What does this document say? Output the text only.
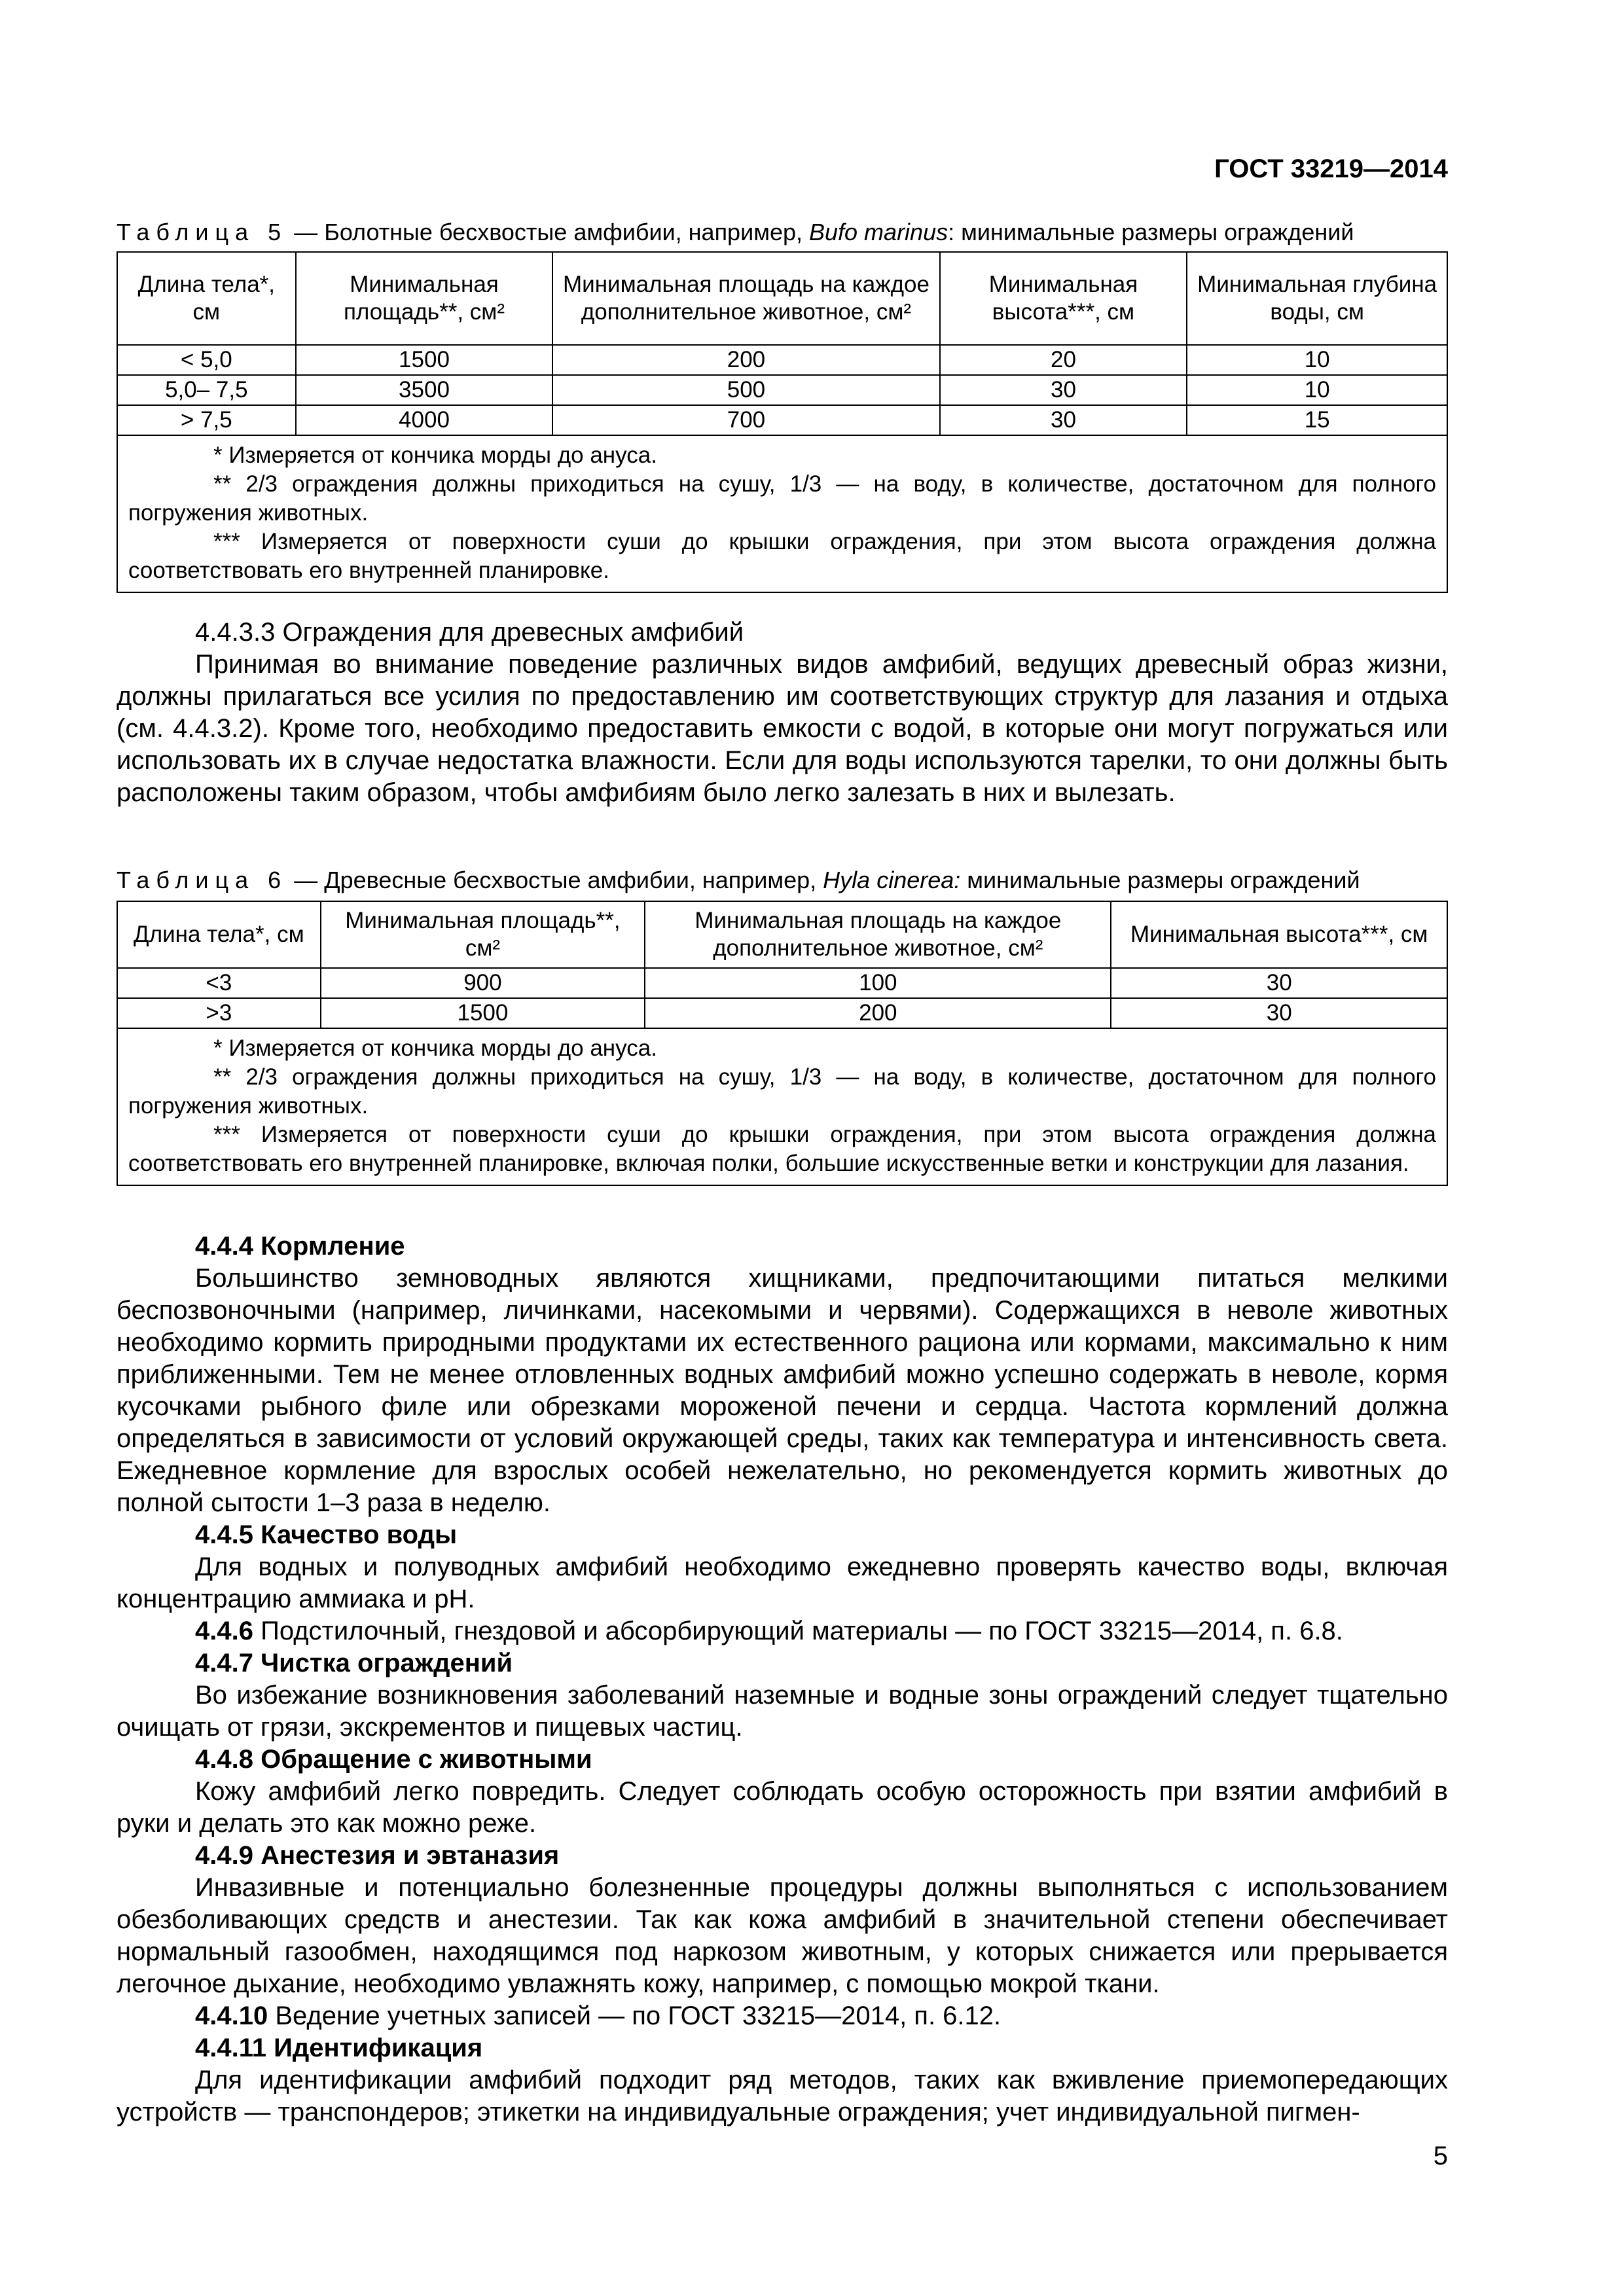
ГОСТ 33219—2014
Таблица 5 — Болотные бесхвостые амфибии, например, Bufo marinus: минимальные размеры ограждений
Длина тела*, см	Минимальная площадь**, см²	Минимальная площадь на каждое дополнительное животное, см²	Минимальная высота***, см	Минимальная глубина воды, см
< 5,0	1500	200	20	10
5,0– 7,5	3500	500	30	10
> 7,5	4000	700	30	15

* Измеряется от кончика морды до ануса.
** 2/3 ограждения должны приходиться на сушу, 1/3 — на воду, в количестве, достаточном для полного погружения животных.
*** Измеряется от поверхности суши до крышки ограждения, при этом высота ограждения должна соответствовать его внутренней планировке.				

4.4.3.3 Ограждения для древесных амфибий

Принимая во внимание поведение различных видов амфибий, ведущих древесный образ жизни, должны прилагаться все усилия по предоставлению им соответствующих структур для лазания и отдыха (см. 4.4.3.2). Кроме того, необходимо предоставить емкости с водой, в которые они могут погружаться или использовать их в случае недостатка влажности. Если для воды используются тарелки, то они должны быть расположены таким образом, чтобы амфибиям было легко залезать в них и вылезать.

Таблица 6 — Древесные бесхвостые амфибии, например, Hyla cinerea: минимальные размеры ограждений
Длина тела*, см	Минимальная площадь**, см²	Минимальная площадь на каждое дополнительное животное, см²	Минимальная высота***, см
<3	900	100	30
>3	1500	200	30

* Измеряется от кончика морды до ануса.
** 2/3 ограждения должны приходиться на сушу, 1/3 — на воду, в количестве, достаточном для полного погружения животных.
*** Измеряется от поверхности суши до крышки ограждения, при этом высота ограждения должна соответствовать его внутренней планировке, включая полки, большие искусственные ветки и конструкции для лазания.			

4.4.4 Кормление

Большинство земноводных являются хищниками, предпочитающими питаться мелкими беспозвоночными (например, личинками, насекомыми и червями). Содержащихся в неволе животных необходимо кормить природными продуктами их естественного рациона или кормами, максимально к ним приближенными. Тем не менее отловленных водных амфибий можно успешно содержать в неволе, кормя кусочками рыбного филе или обрезками мороженой печени и сердца. Частота кормлений должна определяться в зависимости от условий окружающей среды, таких как температура и интенсивность света. Ежедневное кормление для взрослых особей нежелательно, но рекомендуется кормить животных до полной сытости 1–3 раза в неделю.

4.4.5 Качество воды

Для водных и полуводных амфибий необходимо ежедневно проверять качество воды, включая концентрацию аммиака и pH.

4.4.6 Подстилочный, гнездовой и абсорбирующий материалы — по ГОСТ 33215—2014, п. 6.8.

4.4.7 Чистка ограждений

Во избежание возникновения заболеваний наземные и водные зоны ограждений следует тщательно очищать от грязи, экскрементов и пищевых частиц.

4.4.8 Обращение с животными

Кожу амфибий легко повредить. Следует соблюдать особую осторожность при взятии амфибий в руки и делать это как можно реже.

4.4.9 Анестезия и эвтаназия

Инвазивные и потенциально болезненные процедуры должны выполняться с использованием обезболивающих средств и анестезии. Так как кожа амфибий в значительной степени обеспечивает нормальный газообмен, находящимся под наркозом животным, у которых снижается или прерывается легочное дыхание, необходимо увлажнять кожу, например, с помощью мокрой ткани.

4.4.10 Ведение учетных записей — по ГОСТ 33215—2014, п. 6.12.

4.4.11 Идентификация

Для идентификации амфибий подходит ряд методов, таких как вживление приемопередающих устройств — транспондеров; этикетки на индивидуальные ограждения; учет индивидуальной пигмен-

5
